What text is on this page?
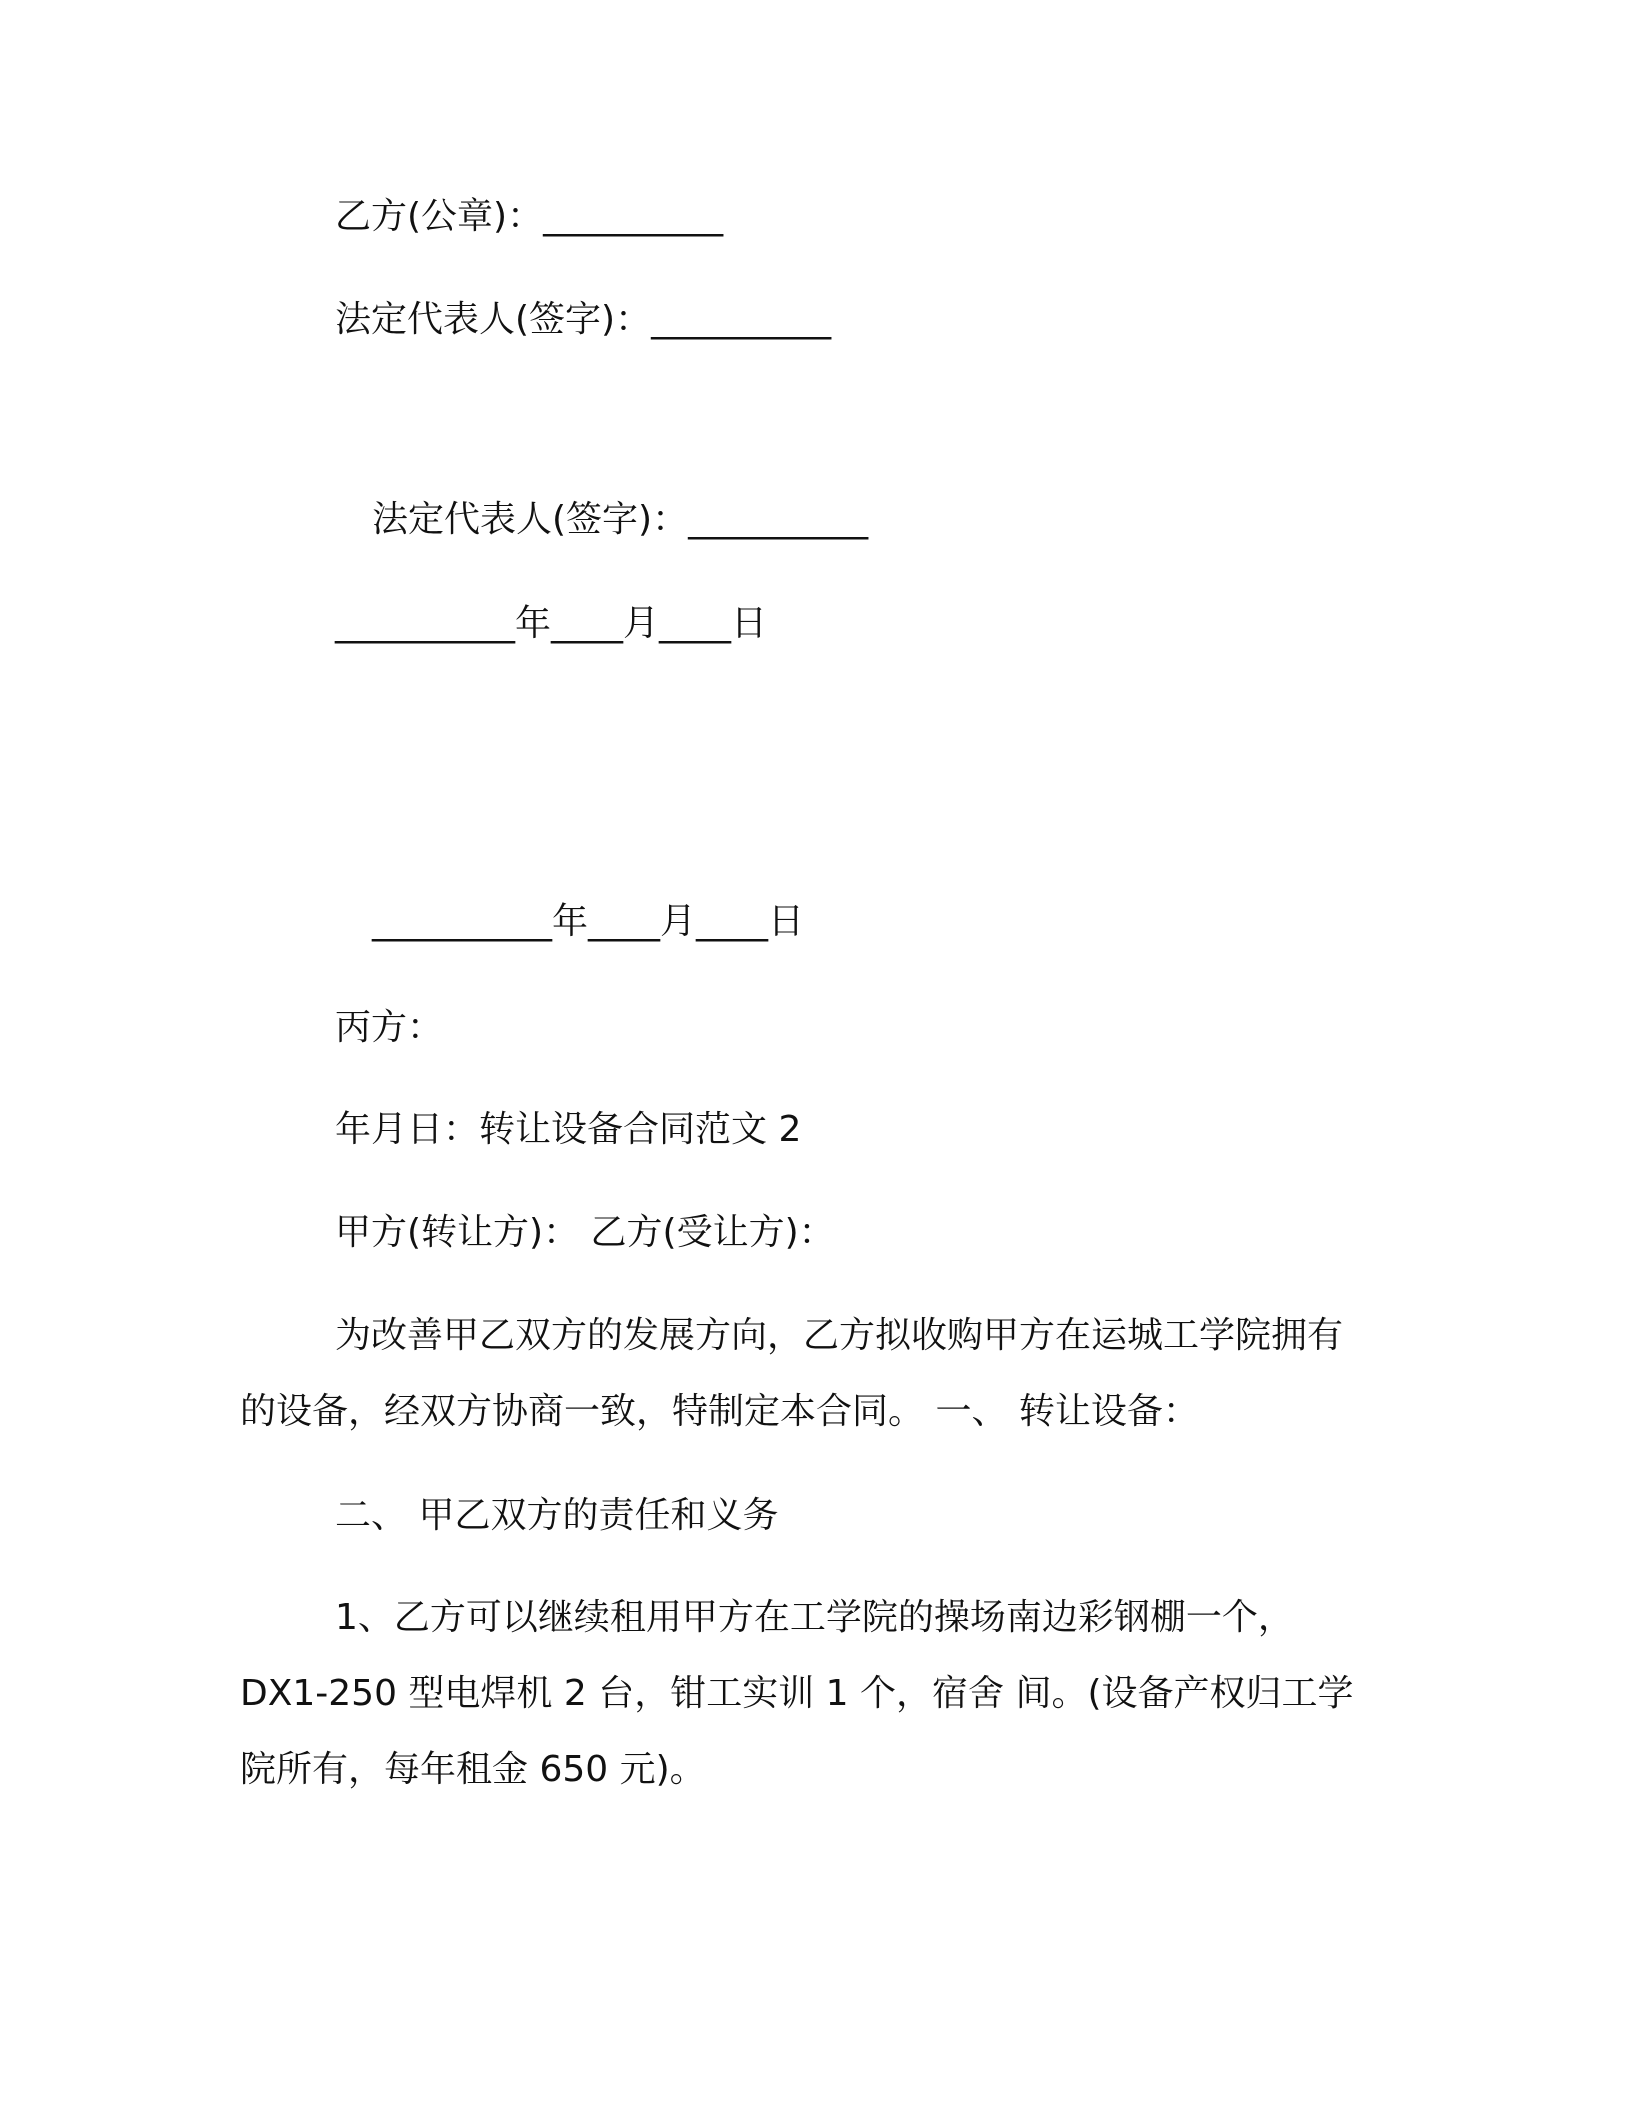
乙方(公章)：__________

法定代表人(签字)：__________

法定代表人(签字)：__________

__________年____月____日

__________年____月____日

丙方：

年月日：转让设备合同范文 2

甲方(转让方)： 乙方(受让方)：

为改善甲乙双方的发展方向，乙方拟收购甲方在运城工学院拥有的设备，经双方协商一致，特制定本合同。 一、 转让设备：

二、 甲乙双方的责任和义务

1、乙方可以继续租用甲方在工学院的操场南边彩钢棚一个，DX1-250 型电焊机 2 台，钳工实训 1 个，宿舍 间。(设备产权归工学院所有，每年租金 650 元)。
